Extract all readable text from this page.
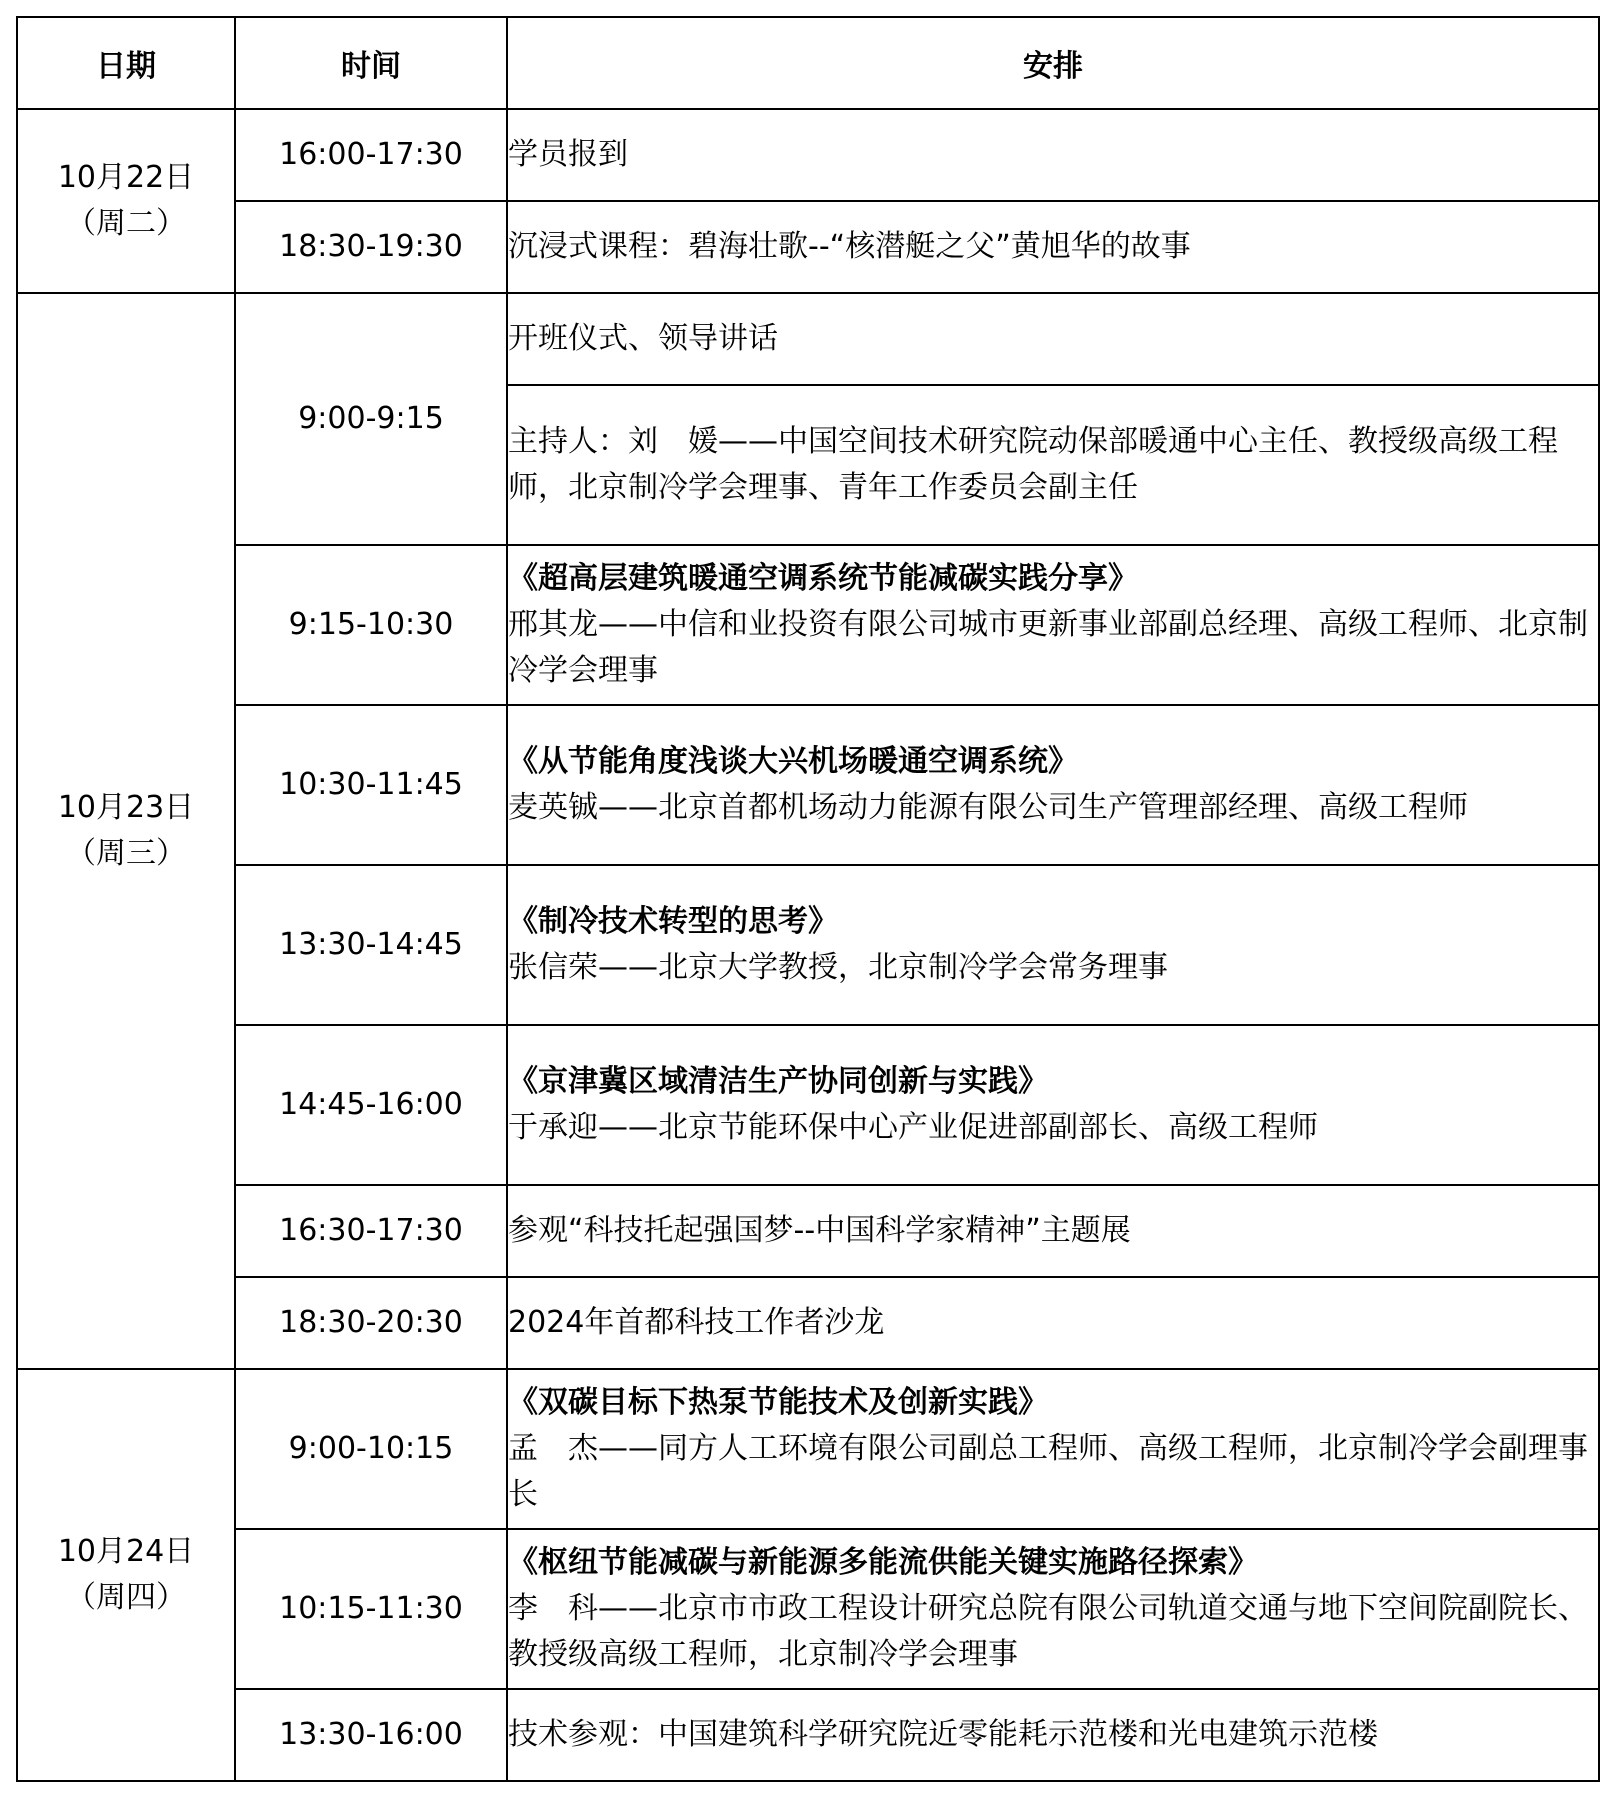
日期	时间	安排

10月22日
（周二）	16:00-17:30	学员报到
	18:30-19:30	沉浸式课程：碧海壮歌--“核潜艇之父”黄旭华的故事

10月23日
（周三）	9:00-9:15	开班仪式、领导讲话
		主持人：刘　媛——中国空间技术研究院动保部暖通中心主任、教授级高级工程师，北京制冷学会理事、青年工作委员会副主任
	9:15-10:30	《超高层建筑暖通空调系统节能减碳实践分享》
邢其龙——中信和业投资有限公司城市更新事业部副总经理、高级工程师、北京制冷学会理事

	10:30-11:45	《从节能角度浅谈大兴机场暖通空调系统》
麦英铖——北京首都机场动力能源有限公司生产管理部经理、高级工程师

	13:30-14:45	《制冷技术转型的思考》
张信荣——北京大学教授，北京制冷学会常务理事

	14:45-16:00	《京津冀区域清洁生产协同创新与实践》
于承迎——北京节能环保中心产业促进部副部长、高级工程师

	16:30-17:30	参观“科技托起强国梦--中国科学家精神”主题展
	18:30-20:30	2024年首都科技工作者沙龙

10月24日
（周四）	9:00-10:15	《双碳目标下热泵节能技术及创新实践》
孟　杰——同方人工环境有限公司副总工程师、高级工程师，北京制冷学会副理事长

	10:15-11:30	《枢纽节能减碳与新能源多能流供能关键实施路径探索》
李　科——北京市市政工程设计研究总院有限公司轨道交通与地下空间院副院长、教授级高级工程师，北京制冷学会理事

	13:30-16:00	技术参观：中国建筑科学研究院近零能耗示范楼和光电建筑示范楼
